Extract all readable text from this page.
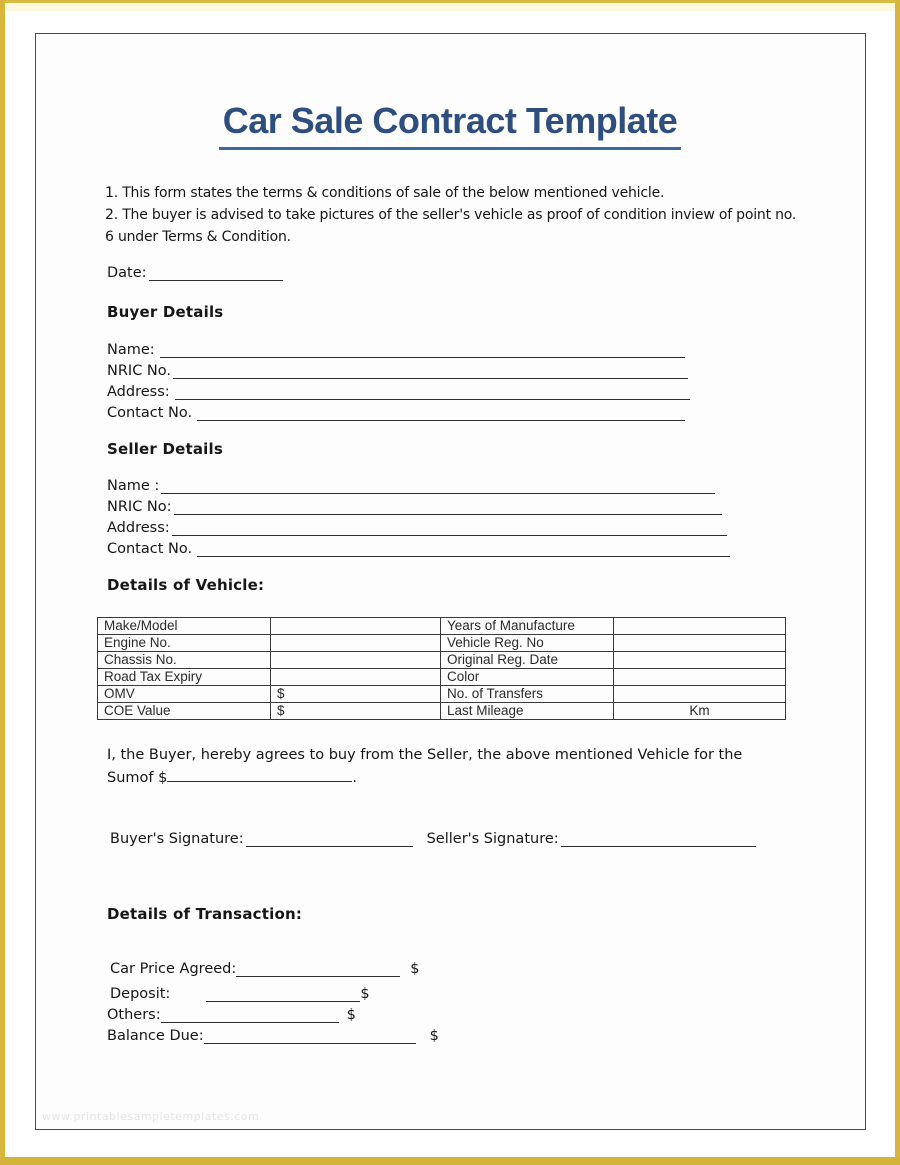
Car Sale Contract Template
1. This form states the terms & conditions of sale of the below mentioned vehicle.
2. The buyer is advised to take pictures of the seller's vehicle as proof of condition inview of point no. 6 under Terms & Condition.
Date:
Buyer Details
Name:
NRIC No.
Address:
Contact No.
Seller Details
Name :
NRIC No:
Address:
Contact No.
Details of Vehicle:
Make/Model		Years of Manufacture	
Engine No.		Vehicle Reg. No	
Chassis No.		Original Reg. Date	
Road Tax Expiry		Color	
OMV	$	No. of Transfers	
COE Value	$	Last Mileage	Km
I, the Buyer, hereby agrees to buy from the Seller, the above mentioned Vehicle for the
Sumof $	.
Buyer's Signature:	Seller's Signature:
Details of Transaction:
Car Price Agreed:	$
Deposit:	$
Others:	$
Balance Due:	$
www.printablesampletemplates.com
